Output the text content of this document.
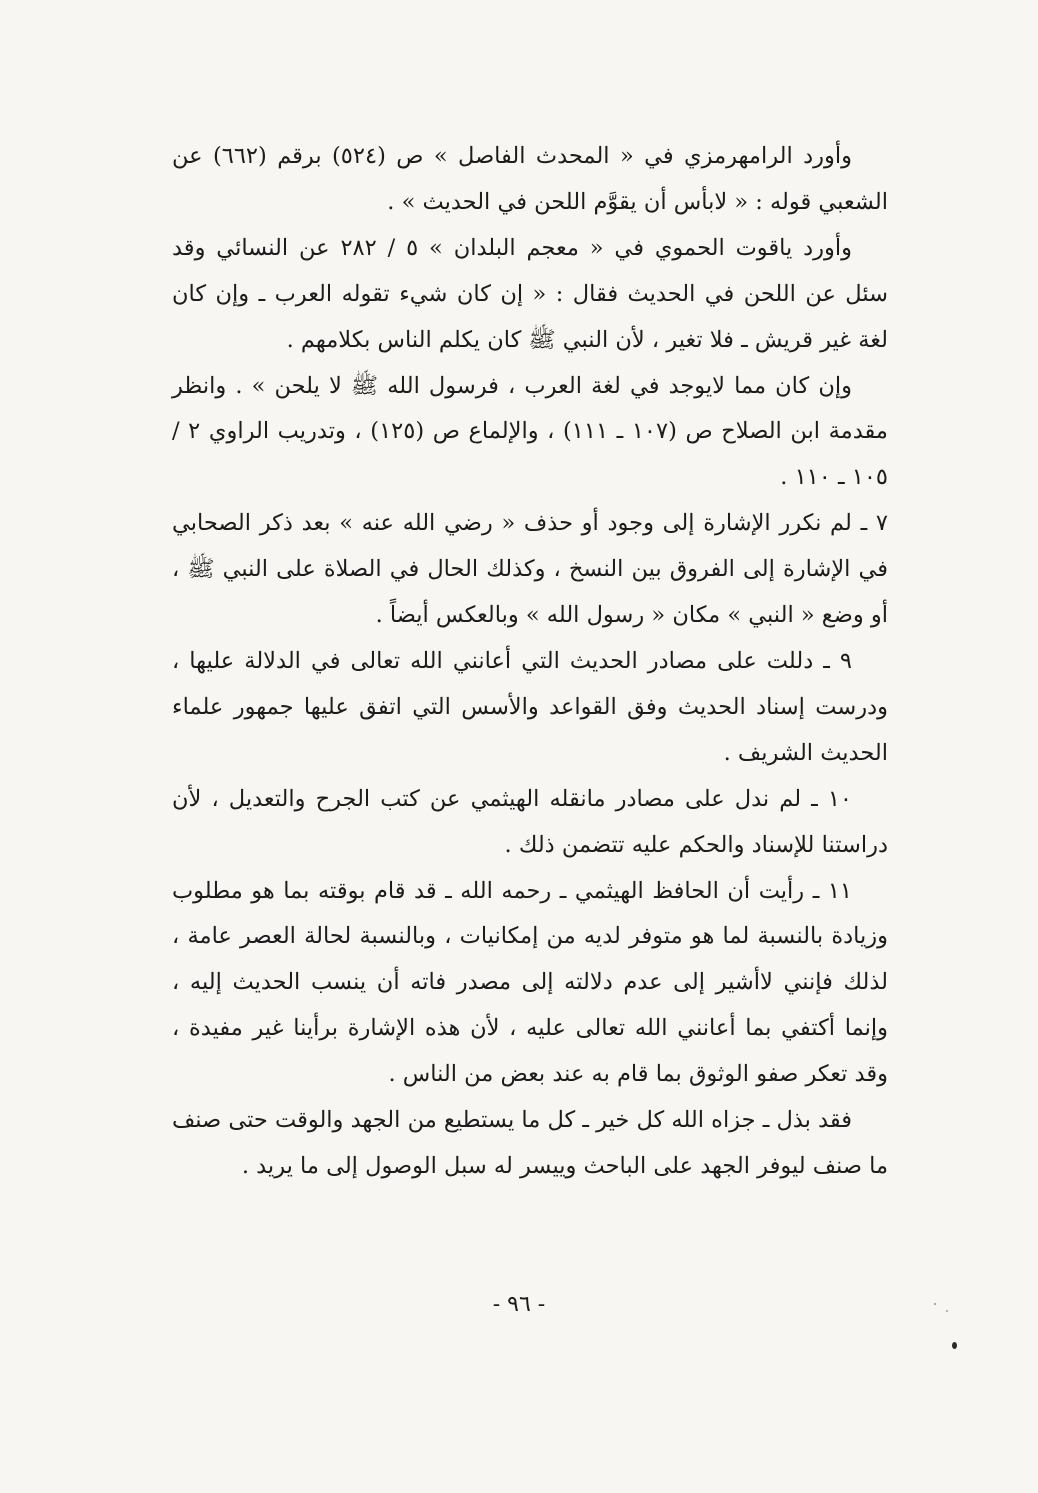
وأورد الرامهرمزي في « المحدث الفاصل » ص (٥٢٤) برقم (٦٦٢) عن الشعبي قوله : « لابأس أن يقوَّم اللحن في الحديث » .

وأورد ياقوت الحموي في « معجم البلدان » ٥ / ٢٨٢ عن النسائي وقد سئل عن اللحن في الحديث فقال : « إن كان شيء تقوله العرب ـ وإن كان لغة غير قريش ـ فلا تغير ، لأن النبي ﷺ كان يكلم الناس بكلامهم .

وإن كان مما لايوجد في لغة العرب ، فرسول الله ﷺ لا يلحن » . وانظر مقدمة ابن الصلاح ص (١٠٧ ـ ١١١) ، والإلماع ص (١٢٥) ، وتدريب الراوي ٢ / ١٠٥ ـ ١١٠ .

٧ ـ لم نكرر الإشارة إلى وجود أو حذف « رضي الله عنه » بعد ذكر الصحابي في الإشارة إلى الفروق بين النسخ ، وكذلك الحال في الصلاة على النبي ﷺ ، أو وضع « النبي » مكان « رسول الله » وبالعكس أيضاً .

٩ ـ دللت على مصادر الحديث التي أعانني الله تعالى في الدلالة عليها ، ودرست إسناد الحديث وفق القواعد والأسس التي اتفق عليها جمهور علماء الحديث الشريف .

١٠ ـ لم ندل على مصادر مانقله الهيثمي عن كتب الجرح والتعديل ، لأن دراستنا للإسناد والحكم عليه تتضمن ذلك .

١١ ـ رأيت أن الحافظ الهيثمي ـ رحمه الله ـ قد قام بوقته بما هو مطلوب وزيادة بالنسبة لما هو متوفر لديه من إمكانيات ، وبالنسبة لحالة العصر عامة ، لذلك فإنني لاأشير إلى عدم دلالته إلى مصدر فاته أن ينسب الحديث إليه ، وإنما أكتفي بما أعانني الله تعالى عليه ، لأن هذه الإشارة برأينا غير مفيدة ، وقد تعكر صفو الوثوق بما قام به عند بعض من الناس .

فقد بذل ـ جزاه الله كل خير ـ كل ما يستطيع من الجهد والوقت حتى صنف ما صنف ليوفر الجهد على الباحث وييسر له سبل الوصول إلى ما يريد .

- ٩٦ -
